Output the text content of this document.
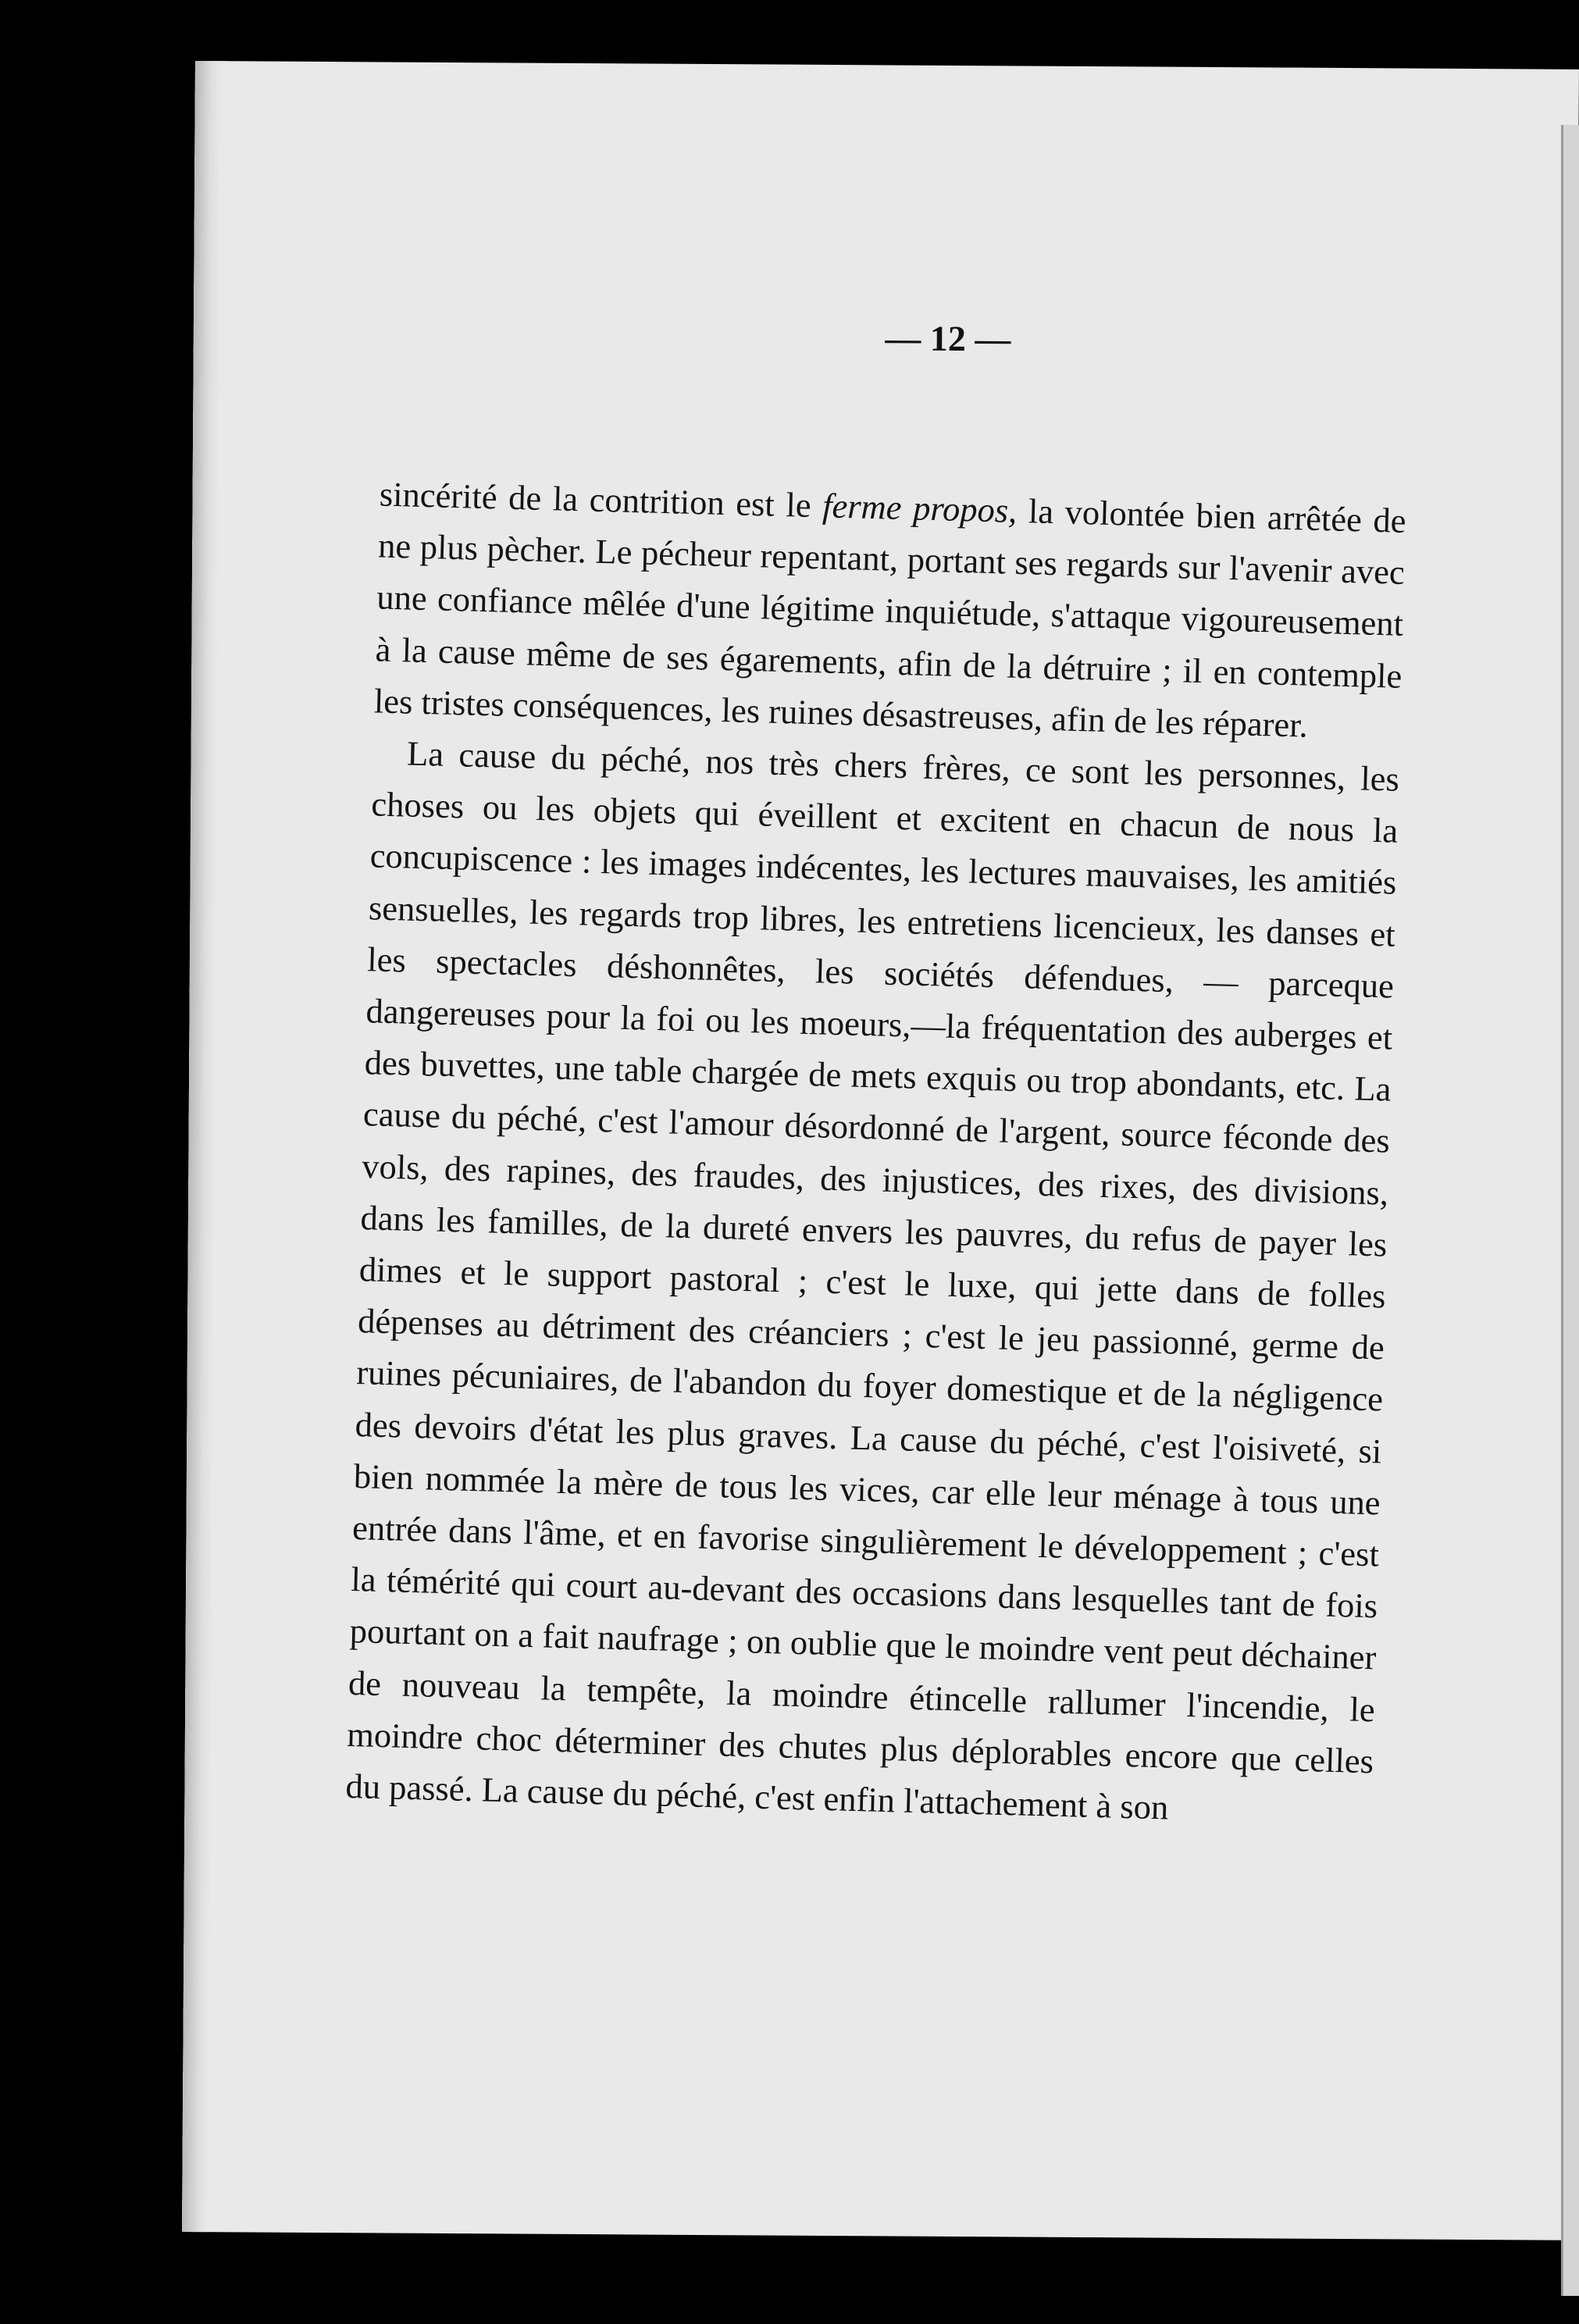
— 12 —

sincérité de la contrition est le ferme propos, la volontée bien arrêtée de ne plus pècher. Le pécheur repentant, portant ses regards sur l'avenir avec une confiance mêlée d'une légitime inquiétude, s'attaque vigoureusement à la cause même de ses égarements, afin de la détruire ; il en contemple les tristes conséquences, les ruines désastreuses, afin de les réparer.

La cause du péché, nos très chers frères, ce sont les personnes, les choses ou les objets qui éveillent et excitent en chacun de nous la concupiscence : les images indécentes, les lectures mauvaises, les amitiés sensuelles, les regards trop libres, les entretiens licencieux, les danses et les spectacles déshonnêtes, les sociétés défendues, — parceque dangereuses pour la foi ou les moeurs,—la fréquentation des auberges et des buvettes, une table chargée de mets exquis ou trop abondants, etc. La cause du péché, c'est l'amour désordonné de l'argent, source féconde des vols, des rapines, des fraudes, des injustices, des rixes, des divisions, dans les familles, de la dureté envers les pauvres, du refus de payer les dimes et le support pastoral ; c'est le luxe, qui jette dans de folles dépenses au détriment des créanciers ; c'est le jeu passionné, germe de ruines pécuniaires, de l'abandon du foyer domestique et de la négligence des devoirs d'état les plus graves. La cause du péché, c'est l'oisiveté, si bien nommée la mère de tous les vices, car elle leur ménage à tous une entrée dans l'âme, et en favorise singulièrement le développement ; c'est la témérité qui court au-devant des occasions dans lesquelles tant de fois pourtant on a fait naufrage ; on oublie que le moindre vent peut déchainer de nouveau la tempête, la moindre étincelle rallumer l'incendie, le moindre choc déterminer des chutes plus déplorables encore que celles du passé. La cause du péché, c'est enfin l'attachement à son
